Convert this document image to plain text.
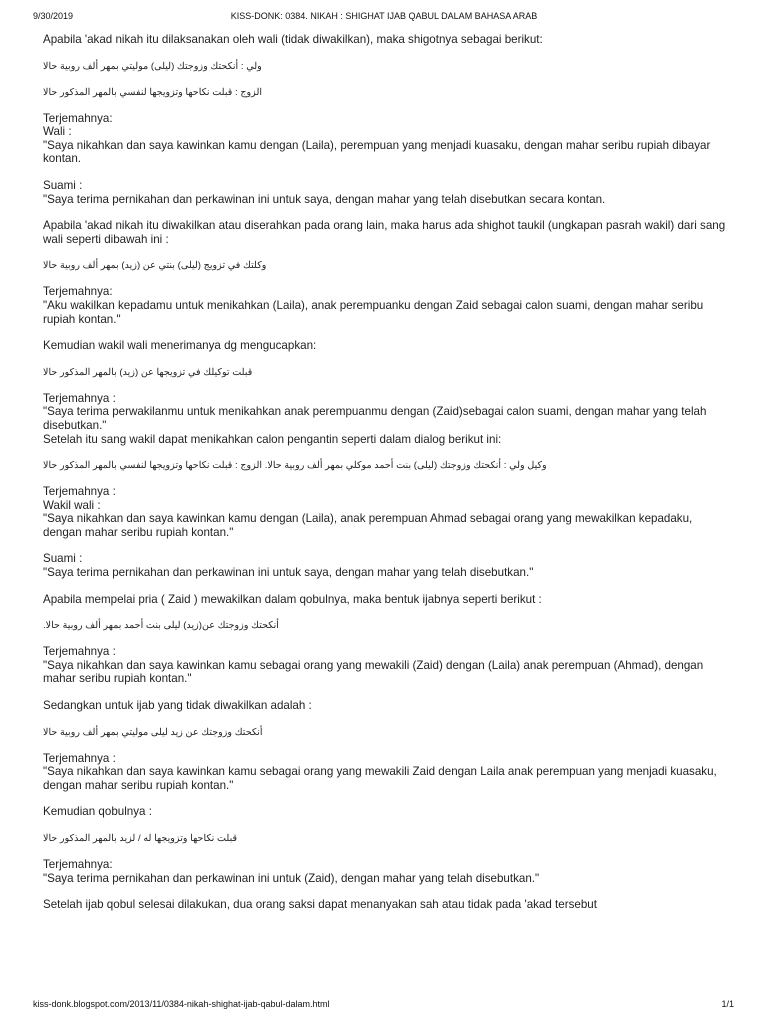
9/30/2019	KISS-DONK: 0384. NIKAH : SHIGHAT IJAB QABUL DALAM BAHASA ARAB

Apabila 'akad nikah itu dilaksanakan oleh wali (tidak diwakilkan), maka shigotnya sebagai berikut:

ولي : أنكحتك وزوجتك (ليلى) موليتي بمهر ألف روبية حالا

الزوج : قبلت نكاحها وتزويجها لنفسي بالمهر المذكور حالا

Terjemahnya:

Wali :

"Saya nikahkan dan saya kawinkan kamu dengan (Laila), perempuan yang menjadi kuasaku, dengan mahar seribu rupiah dibayar kontan.

Suami :

"Saya terima pernikahan dan perkawinan ini untuk saya, dengan mahar yang telah disebutkan secara kontan.

Apabila 'akad nikah itu diwakilkan atau diserahkan pada orang lain, maka harus ada shighot taukil (ungkapan pasrah wakil) dari sang wali seperti dibawah ini :

وكلتك في تزويج (ليلى) بنتي عن (زيد) بمهر ألف روبية حالا

Terjemahnya:

"Aku wakilkan kepadamu untuk menikahkan (Laila), anak perempuanku dengan Zaid sebagai calon suami, dengan mahar seribu rupiah kontan."

Kemudian wakil wali menerimanya dg mengucapkan:

قبلت توكيلك في تزويجها عن (زيد) بالمهر المذكور حالا

Terjemahnya :

"Saya terima perwakilanmu untuk menikahkan anak perempuanmu dengan (Zaid)sebagai calon suami, dengan mahar yang telah disebutkan."

Setelah itu sang wakil dapat menikahkan calon pengantin seperti dalam dialog berikut ini:

وكيل ولي : أنكحتك وزوجتك (ليلى) بنت أحمد موكلي بمهر ألف روبية حالا. الزوج : قبلت نكاحها وتزويجها لنفسي بالمهر المذكور حالا

Terjemahnya :

Wakil wali :

"Saya nikahkan dan saya kawinkan kamu dengan (Laila), anak perempuan Ahmad sebagai orang yang mewakilkan kepadaku, dengan mahar seribu rupiah kontan."

Suami :

"Saya terima pernikahan dan perkawinan ini untuk saya, dengan mahar yang telah disebutkan."

Apabila mempelai pria ( Zaid ) mewakilkan dalam qobulnya, maka bentuk ijabnya seperti berikut :

أنكحتك وزوجتك عن(زيد) ليلى بنت أحمد بمهر ألف روبية حالا.

Terjemahnya :

"Saya nikahkan dan saya kawinkan kamu sebagai orang yang mewakili (Zaid) dengan (Laila) anak perempuan (Ahmad), dengan mahar seribu rupiah kontan."

Sedangkan untuk ijab yang tidak diwakilkan adalah :

أنكحتك وزوجتك عن زيد ليلى موليتي بمهر ألف روبية حالا

Terjemahnya :

"Saya nikahkan dan saya kawinkan kamu sebagai orang yang mewakili Zaid dengan Laila anak perempuan yang menjadi kuasaku, dengan mahar seribu rupiah kontan."

Kemudian qobulnya :

قبلت نكاحها وتزويجها له / لزيد بالمهر المذكور حالا

Terjemahnya:

"Saya terima pernikahan dan perkawinan ini untuk (Zaid), dengan mahar yang telah disebutkan."

Setelah ijab qobul selesai dilakukan, dua orang saksi dapat menanyakan sah atau tidak pada 'akad tersebut

kiss-donk.blogspot.com/2013/11/0384-nikah-shighat-ijab-qabul-dalam.html	1/1
